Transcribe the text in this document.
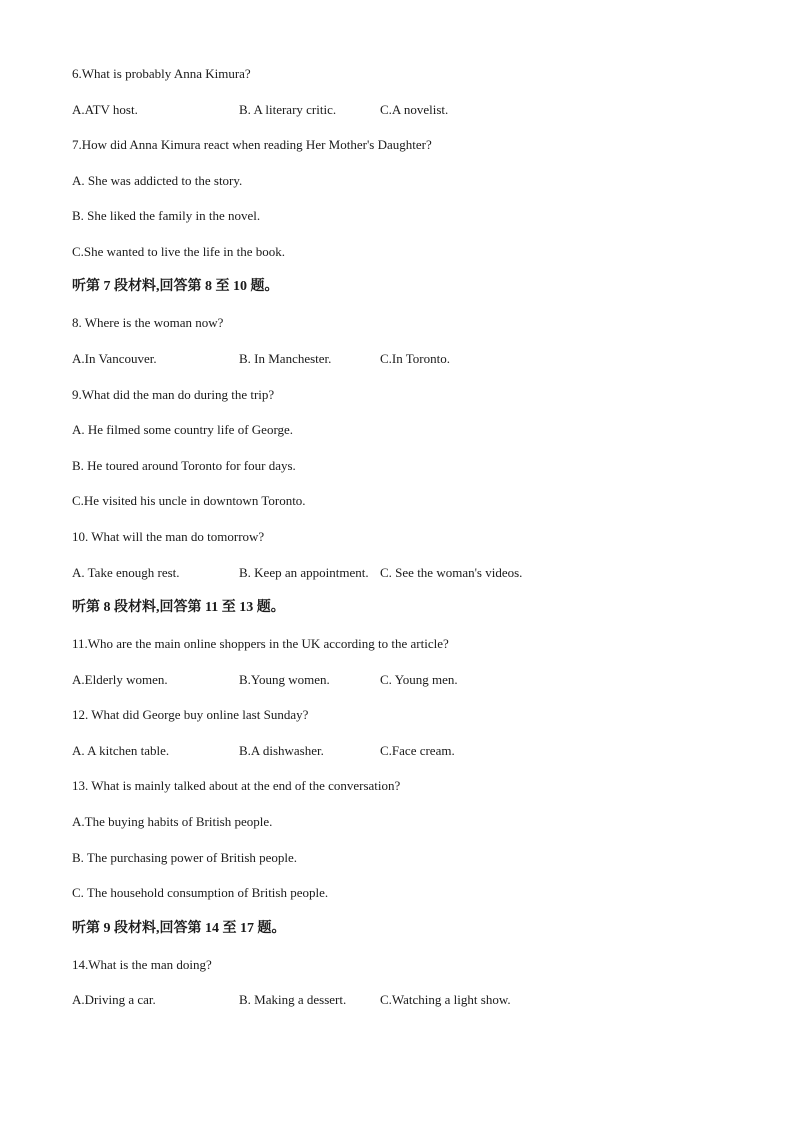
6.What is probably Anna Kimura?
A.ATV host.	B. A literary critic.	C.A novelist.
7.How did Anna Kimura react when reading Her Mother's Daughter?
A. She was addicted to the story.
B. She liked the family in the novel.
C.She wanted to live the life in the book.
听第 7 段材料,回答第 8 至 10 题。
8. Where is the woman now?
A.In Vancouver.	B. In Manchester.	C.In Toronto.
9.What did the man do during the trip?
A. He filmed some country life of George.
B. He toured around Toronto for four days.
C.He visited his uncle in downtown Toronto.
10. What will the man do tomorrow?
A. Take enough rest.	B. Keep an appointment. C. See the woman's videos.
听第 8 段材料,回答第 11 至 13 题。
11.Who are the main online shoppers in the UK according to the article?
A.Elderly women.	B.Young women.	C. Young men.
12. What did George buy online last Sunday?
A. A kitchen table.	B.A dishwasher.	C.Face cream.
13. What is mainly talked about at the end of the conversation?
A.The buying habits of British people.
B. The purchasing power of British people.
C. The household consumption of British people.
听第 9 段材料,回答第 14 至 17 题。
14.What is the man doing?
A.Driving a car.	B. Making a dessert.	C.Watching a light show.
